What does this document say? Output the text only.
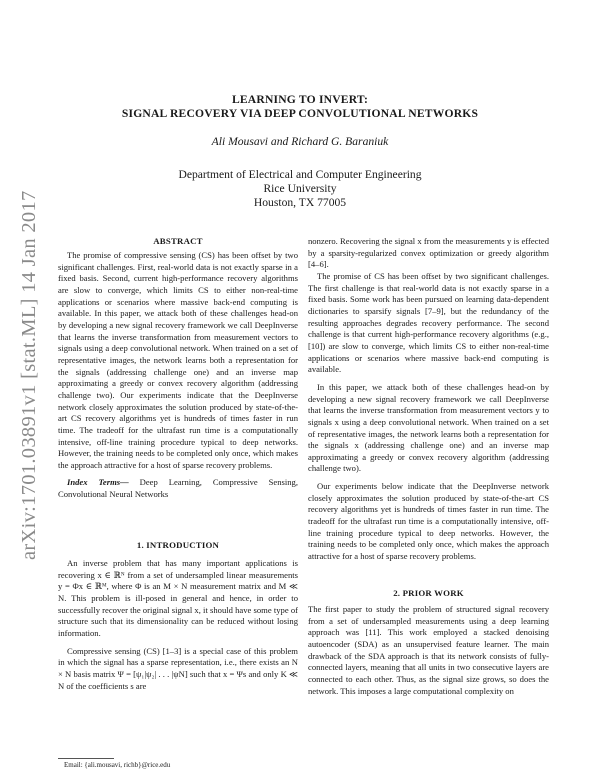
arXiv:1701.03891v1 [stat.ML] 14 Jan 2017
LEARNING TO INVERT:
SIGNAL RECOVERY VIA DEEP CONVOLUTIONAL NETWORKS
Ali Mousavi and Richard G. Baraniuk
Department of Electrical and Computer Engineering
Rice University
Houston, TX 77005
ABSTRACT

The promise of compressive sensing (CS) has been offset by two significant challenges. First, real-world data is not exactly sparse in a fixed basis. Second, current high-performance recovery algorithms are slow to converge, which limits CS to either non-real-time applications or scenarios where massive back-end computing is available. In this paper, we attack both of these challenges head-on by developing a new signal recovery framework we call DeepInverse that learns the inverse transformation from measurement vectors to signals using a deep convolutional network. When trained on a set of representative images, the network learns both a representation for the signals (addressing challenge one) and an inverse map approximating a greedy or convex recovery algorithm (addressing challenge two). Our experiments indicate that the DeepInverse network closely approximates the solution produced by state-of-the-art CS recovery algorithms yet is hundreds of times faster in run time. The tradeoff for the ultrafast run time is a computationally intensive, off-line training procedure typical to deep networks. However, the training needs to be completed only once, which makes the approach attractive for a host of sparse recovery problems.

Index Terms— Deep Learning, Compressive Sensing, Convolutional Neural Networks

1. INTRODUCTION

An inverse problem that has many important applications is recovering x ∈ ℝᴺ from a set of undersampled linear measurements y = Φx ∈ ℝᴹ, where Φ is an M × N measurement matrix and M ≪ N. This problem is ill-posed in general and hence, in order to successfully recover the original signal x, it should have some type of structure such that its dimensionality can be reduced without losing information.

Compressive sensing (CS) [1–3] is a special case of this problem in which the signal has a sparse representation, i.e., there exists an N × N basis matrix Ψ = [ψ₁|ψ₂| . . . |ψN] such that x = Ψs and only K ≪ N of the coefficients s are

Email: {ali.mousavi, richb}@rice.edu

nonzero. Recovering the signal x from the measurements y is effected by a sparsity-regularized convex optimization or greedy algorithm [4–6].

The promise of CS has been offset by two significant challenges. The first challenge is that real-world data is not exactly sparse in a fixed basis. Some work has been pursued on learning data-dependent dictionaries to sparsify signals [7–9], but the redundancy of the resulting approaches degrades recovery performance. The second challenge is that current high-performance recovery algorithms (e.g., [10]) are slow to converge, which limits CS to either non-real-time applications or scenarios where massive back-end computing is available.

In this paper, we attack both of these challenges head-on by developing a new signal recovery framework we call DeepInverse that learns the inverse transformation from measurement vectors y to signals x using a deep convolutional network. When trained on a set of representative images, the network learns both a representation for the signals x (addressing challenge one) and an inverse map approximating a greedy or convex recovery algorithm (addressing challenge two).

Our experiments below indicate that the DeepInverse network closely approximates the solution produced by state-of-the-art CS recovery algorithms yet is hundreds of times faster in run time. The tradeoff for the ultrafast run time is a computationally intensive, off-line training procedure typical to deep networks. However, the training needs to be completed only once, which makes the approach attractive for a host of sparse recovery problems.

2. PRIOR WORK

The first paper to study the problem of structured signal recovery from a set of undersampled measurements using a deep learning approach was [11]. This work employed a stacked denoising autoencoder (SDA) as an unsupervised feature learner. The main drawback of the SDA approach is that its network consists of fully-connected layers, meaning that all units in two consecutive layers are connected to each other. Thus, as the signal size grows, so does the network. This imposes a large computational complexity on
